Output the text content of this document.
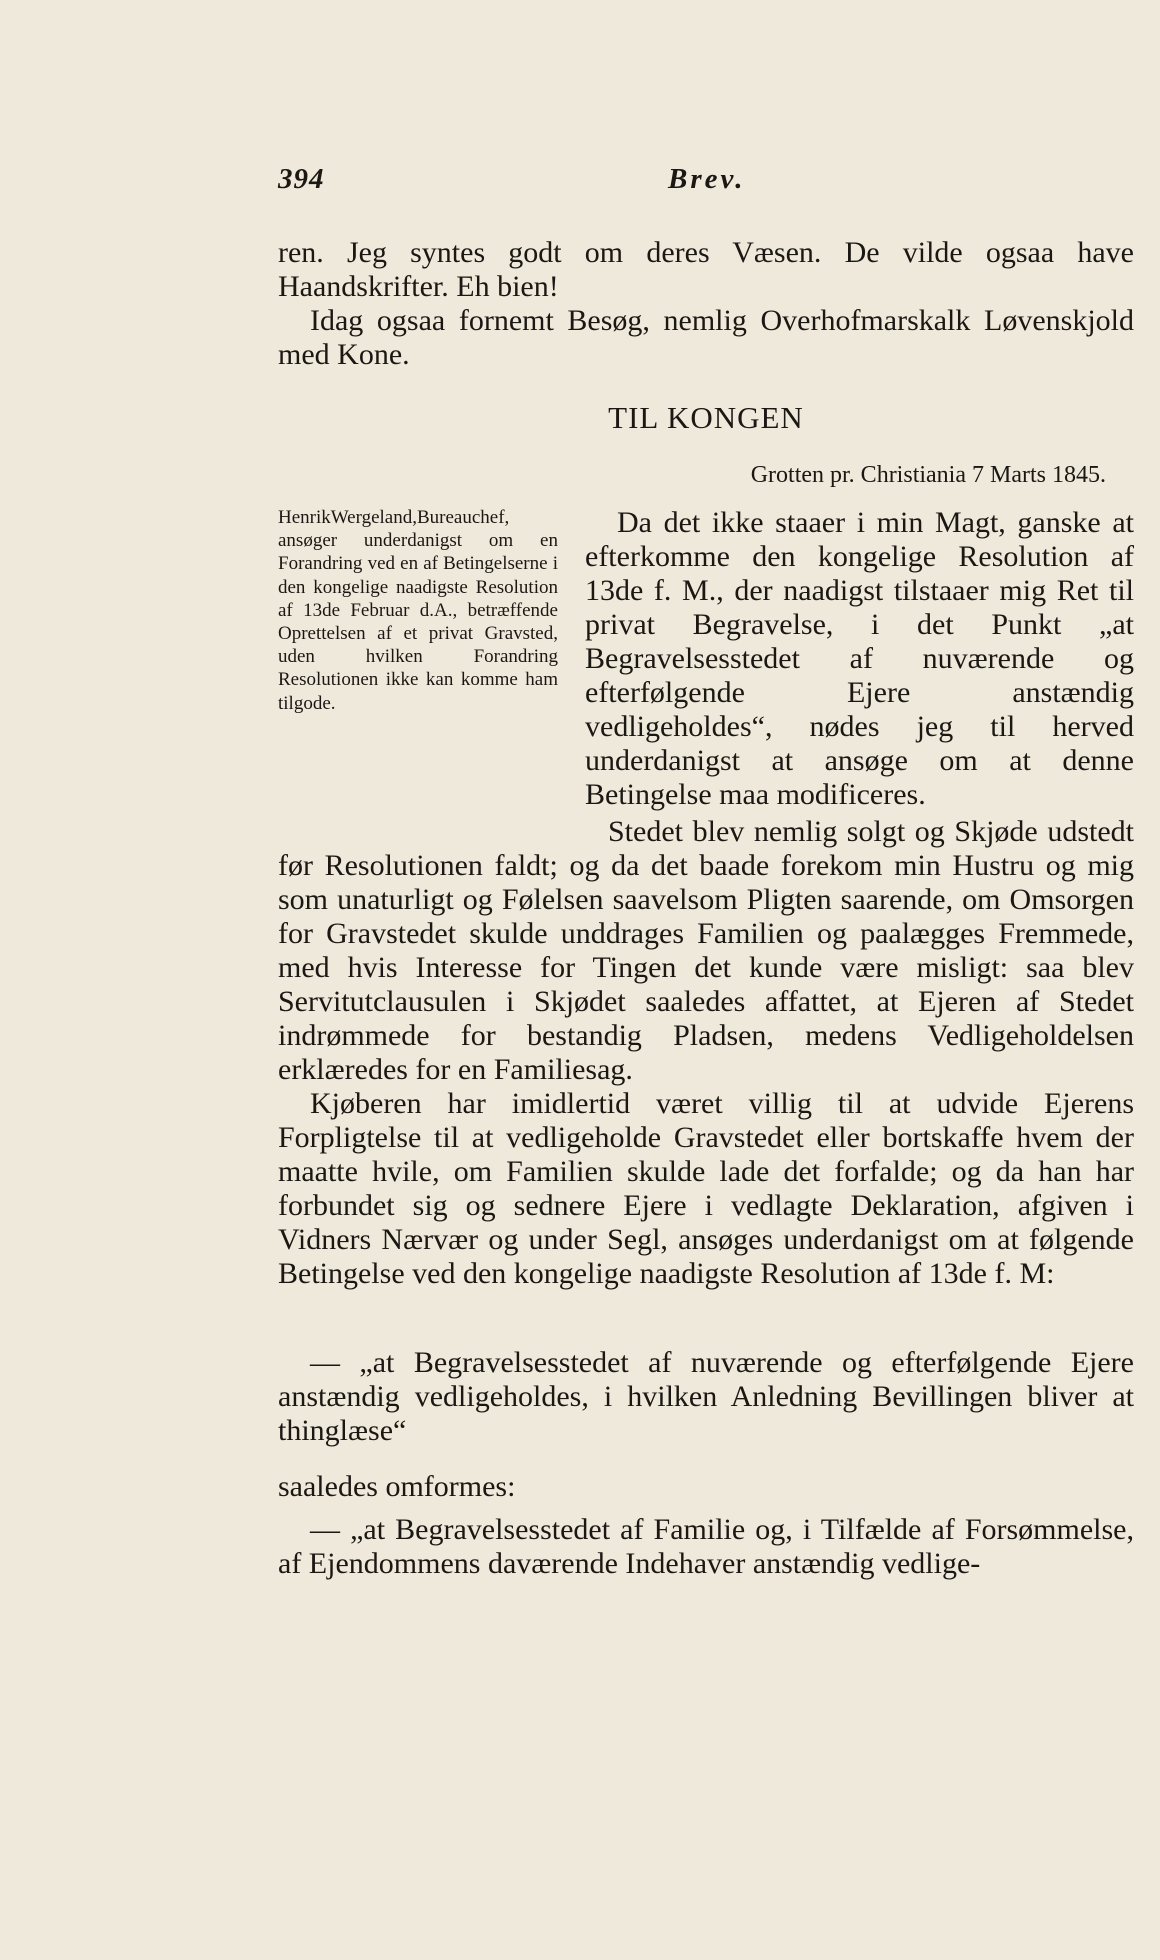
394	Brev.

ren. Jeg syntes godt om deres Væsen. De vilde ogsaa have Haandskrifter. Eh bien!

Idag ogsaa fornemt Besøg, nemlig Overhofmarskalk Løvenskjold med Kone.

TIL KONGEN
Grotten pr. Christiania 7 Marts 1845.
HenrikWergeland,Bureauchef, ansøger underdanigst om en Forandring ved en af Betingelserne i den kongelige naadigste Resolution af 13de Februar d.A., betræffende Oprettelsen af et privat Gravsted, uden hvilken Forandring Resolutionen ikke kan komme ham tilgode.

Da det ikke staaer i min Magt, ganske at efterkomme den kongelige Resolution af 13de f. M., der naadigst tilstaaer mig Ret til privat Begravelse, i det Punkt „at Begravelsesstedet af nuværende og efterfølgende Ejere anstændig vedligeholdes“, nødes jeg til herved underdanigst at ansøge om at denne Betingelse maa modificeres.

Stedet blev nemlig solgt og Skjøde udstedt før Resolutionen faldt; og da det baade forekom min Hustru og mig som unaturligt og Følelsen saavelsom Pligten saarende, om Omsorgen for Gravstedet skulde unddrages Familien og paalægges Fremmede, med hvis Interesse for Tingen det kunde være misligt: saa blev Servitutclausulen i Skjødet saaledes affattet, at Ejeren af Stedet indrømmede for bestandig Pladsen, medens Vedligeholdelsen erklæredes for en Familiesag.

Kjøberen har imidlertid været villig til at udvide Ejerens Forpligtelse til at vedligeholde Gravstedet eller bortskaffe hvem der maatte hvile, om Familien skulde lade det forfalde; og da han har forbundet sig og sednere Ejere i vedlagte Deklaration, afgiven i Vidners Nærvær og under Segl, ansøges underdanigst om at følgende Betingelse ved den kongelige naadigste Resolution af 13de f. M:

— „at Begravelsesstedet af nuværende og efterfølgende Ejere anstændig vedligeholdes, i hvilken Anledning Bevillingen bliver at thinglæse“

saaledes omformes:

— „at Begravelsesstedet af Familie og, i Tilfælde af Forsømmelse, af Ejendommens daværende Indehaver anstændig vedlige-
